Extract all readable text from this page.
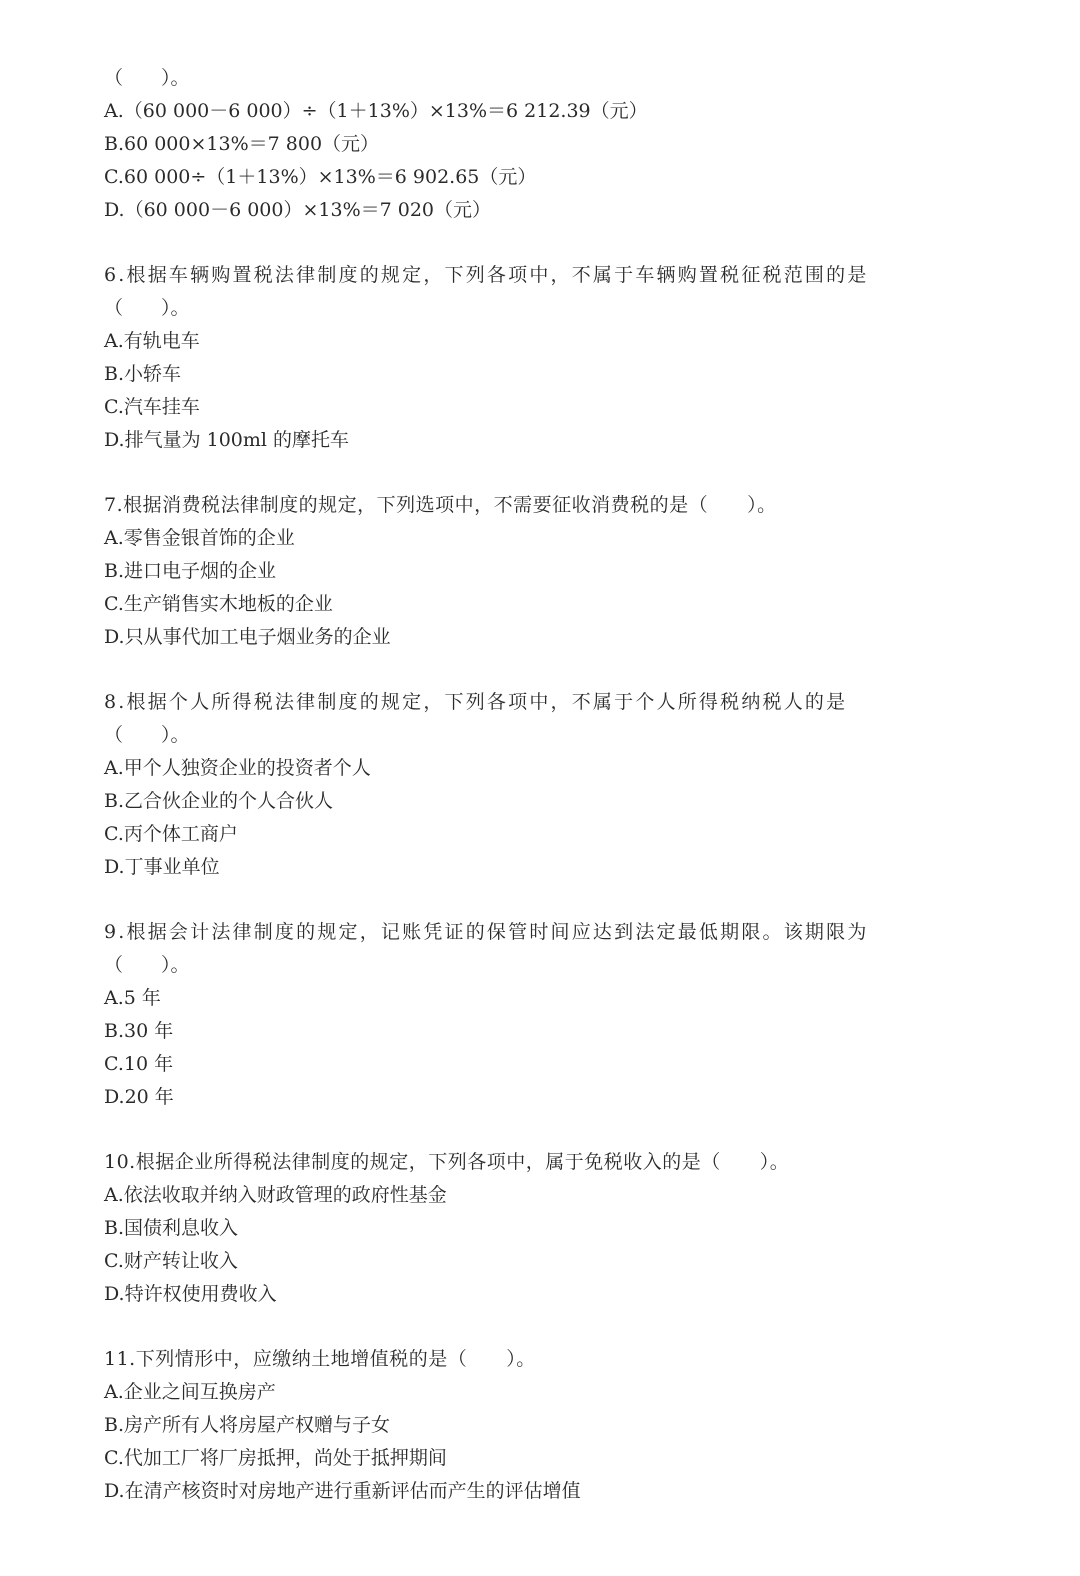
（　　）。
A.（60 000－6 000）÷（1＋13%）×13%＝6 212.39（元）
B.60 000×13%＝7 800（元）
C.60 000÷（1＋13%）×13%＝6 902.65（元）
D.（60 000－6 000）×13%＝7 020（元）
6.根据车辆购置税法律制度的规定，下列各项中，不属于车辆购置税征税范围的是
（　　）。
A.有轨电车
B.小轿车
C.汽车挂车
D.排气量为 100ml 的摩托车
7.根据消费税法律制度的规定，下列选项中，不需要征收消费税的是（　　）。
A.零售金银首饰的企业
B.进口电子烟的企业
C.生产销售实木地板的企业
D.只从事代加工电子烟业务的企业
8.根据个人所得税法律制度的规定，下列各项中，不属于个人所得税纳税人的是
（　　）。
A.甲个人独资企业的投资者个人
B.乙合伙企业的个人合伙人
C.丙个体工商户
D.丁事业单位
9.根据会计法律制度的规定，记账凭证的保管时间应达到法定最低期限。该期限为
（　　）。
A.5 年
B.30 年
C.10 年
D.20 年
10.根据企业所得税法律制度的规定，下列各项中，属于免税收入的是（　　）。
A.依法收取并纳入财政管理的政府性基金
B.国债利息收入
C.财产转让收入
D.特许权使用费收入
11.下列情形中，应缴纳土地增值税的是（　　）。
A.企业之间互换房产
B.房产所有人将房屋产权赠与子女
C.代加工厂将厂房抵押，尚处于抵押期间
D.在清产核资时对房地产进行重新评估而产生的评估增值
